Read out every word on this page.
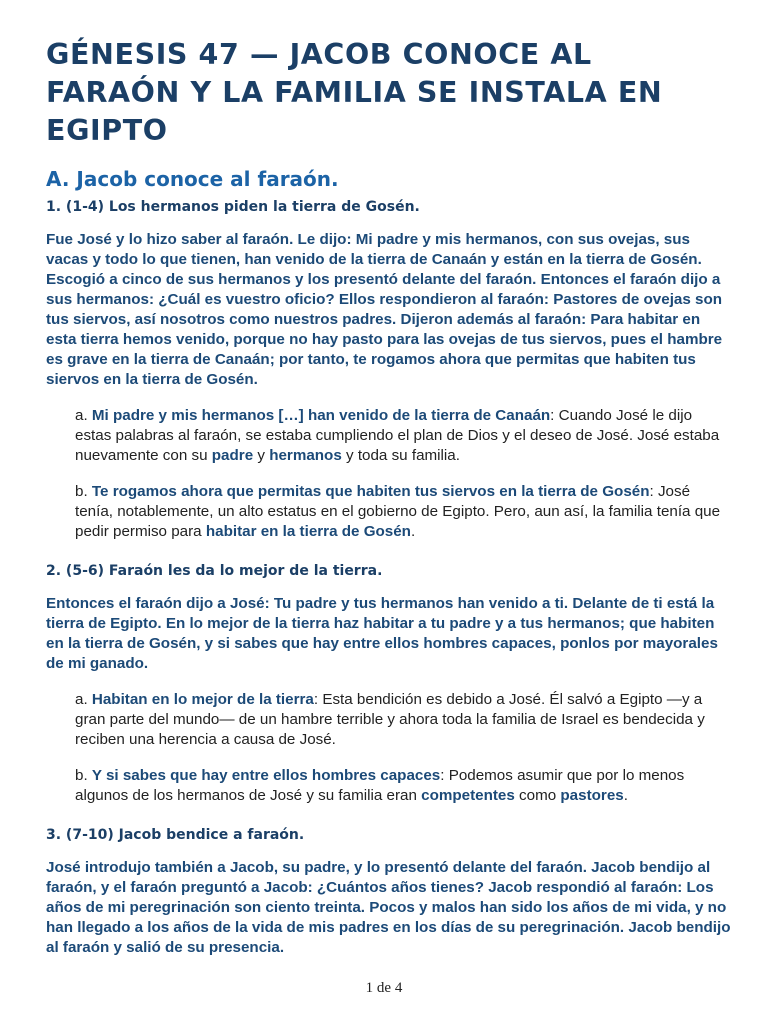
GÉNESIS 47 — JACOB CONOCE AL FARAÓN Y LA FAMILIA SE INSTALA EN EGIPTO
A. Jacob conoce al faraón.
1. (1-4) Los hermanos piden la tierra de Gosén.

Fue José y lo hizo saber al faraón. Le dijo: Mi padre y mis hermanos, con sus ovejas, sus vacas y todo lo que tienen, han venido de la tierra de Canaán y están en la tierra de Gosén. Escogió a cinco de sus hermanos y los presentó delante del faraón. Entonces el faraón dijo a sus hermanos: ¿Cuál es vuestro oficio? Ellos respondieron al faraón: Pastores de ovejas son tus siervos, así nosotros como nuestros padres. Dijeron además al faraón: Para habitar en esta tierra hemos venido, porque no hay pasto para las ovejas de tus siervos, pues el hambre es grave en la tierra de Canaán; por tanto, te rogamos ahora que permitas que habiten tus siervos en la tierra de Gosén.

a. Mi padre y mis hermanos […] han venido de la tierra de Canaán: Cuando José le dijo estas palabras al faraón, se estaba cumpliendo el plan de Dios y el deseo de José. José estaba nuevamente con su padre y hermanos y toda su familia.

b. Te rogamos ahora que permitas que habiten tus siervos en la tierra de Gosén: José tenía, notablemente, un alto estatus en el gobierno de Egipto. Pero, aun así, la familia tenía que pedir permiso para habitar en la tierra de Gosén.

2. (5-6) Faraón les da lo mejor de la tierra.

Entonces el faraón dijo a José: Tu padre y tus hermanos han venido a ti. Delante de ti está la tierra de Egipto. En lo mejor de la tierra haz habitar a tu padre y a tus hermanos; que habiten en la tierra de Gosén, y si sabes que hay entre ellos hombres capaces, ponlos por mayorales de mi ganado.

a. Habitan en lo mejor de la tierra: Esta bendición es debido a José. Él salvó a Egipto —y a gran parte del mundo— de un hambre terrible y ahora toda la familia de Israel es bendecida y reciben una herencia a causa de José.

b. Y si sabes que hay entre ellos hombres capaces: Podemos asumir que por lo menos algunos de los hermanos de José y su familia eran competentes como pastores.

3. (7-10) Jacob bendice a faraón.

José introdujo también a Jacob, su padre, y lo presentó delante del faraón. Jacob bendijo al faraón, y el faraón preguntó a Jacob: ¿Cuántos años tienes? Jacob respondió al faraón: Los años de mi peregrinación son ciento treinta. Pocos y malos han sido los años de mi vida, y no han llegado a los años de la vida de mis padres en los días de su peregrinación. Jacob bendijo al faraón y salió de su presencia.

1 de 4
